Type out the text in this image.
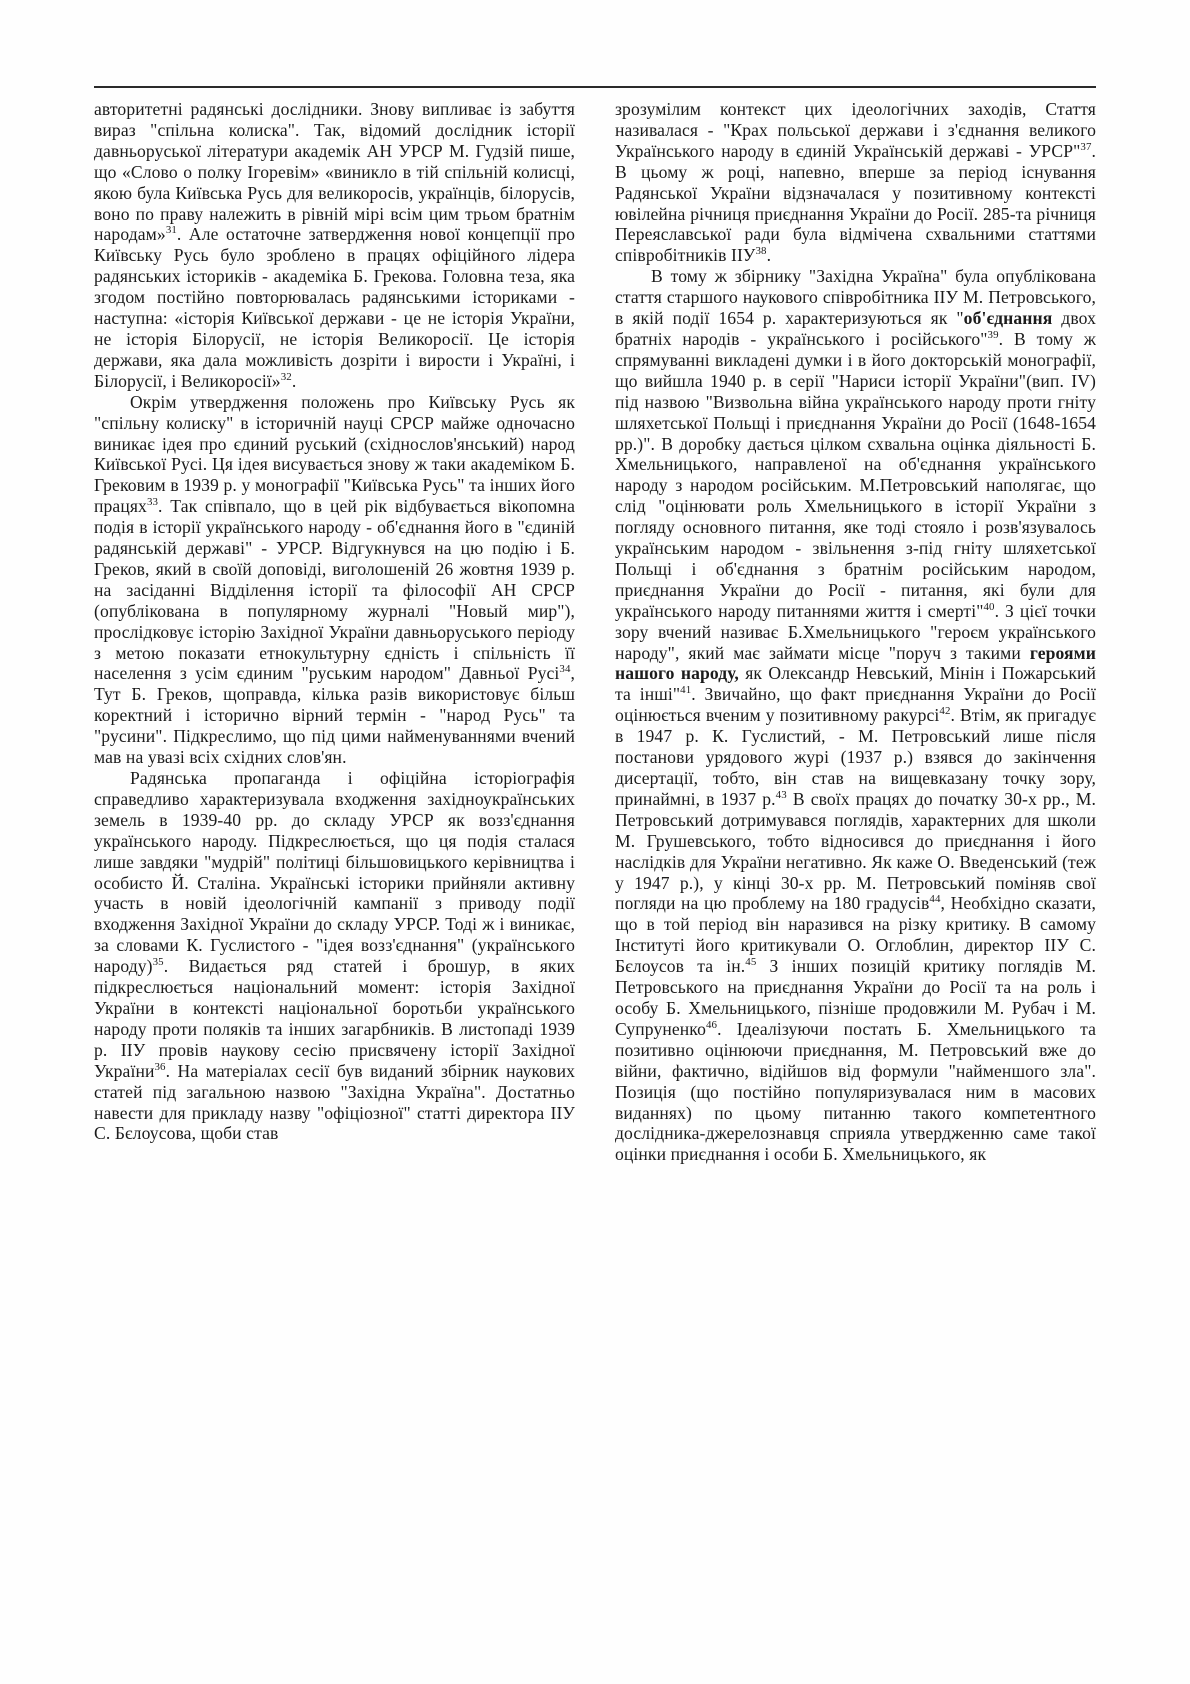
авторитетні радянські дослідники. Знову випливає із забуття вираз "спільна колиска". Так, відомий дослідник історії давньоруської літератури академік АН УРСР М. Гудзій пише, що «Слово о полку Ігоревім» «виникло в тій спільній колисці, якою була Київська Русь для великоросів, українців, білорусів, воно по праву належить в рівній мірі всім цим трьом братнім народам»$^{31}$. Але остаточне затвердження нової концепції про Київську Русь було зроблено в працях офіційного лідера радянських істориків - академіка Б. Грекова. Головна теза, яка згодом постійно повторювалась радянськими істориками - наступна: «історія Київської держави - це не історія України, не історія Білорусії, не історія Великоросії. Це історія держави, яка дала можливість дозріти і вирости і Україні, і Білорусії, і Великоросії»$^{32}$.

Окрім утвердження положень про Київську Русь як "спільну колиску" в історичній науці СРСР майже одночасно виникає ідея про єдиний руський (східнослов'янський) народ Київської Русі. Ця ідея висувається знову ж таки академіком Б. Грековим в 1939 р. у монографії "Київська Русь" та інших його працях$^{33}$. Так співпало, що в цей рік відбувається вікопомна подія в історії українського народу - об'єднання його в "єдиній радянській державі" - УРСР. Відгукнувся на цю подію і Б. Греков, який в своїй доповіді, виголошеній 26 жовтня 1939 р. на засіданні Відділення історії та філософії АН СРСР (опублікована в популярному журналі "Новый мир"), прослідковує історію Західної України давньоруського періоду з метою показати етнокультурну єдність і спільність її населення з усім єдиним "руським народом" Давньої Русі$^{34}$, Тут Б. Греков, щоправда, кілька разів використовує більш коректний і історично вірний термін - "народ Русь" та "русини". Підкреслимо, що під цими найменуваннями вчений мав на увазі всіх східних слов'ян.

Радянська пропаганда і офіційна історіографія справедливо характеризувала входження західноукраїнських земель в 1939-40 рр. до складу УРСР як возз'єднання українського народу. Підкреслюється, що ця подія сталася лише завдяки "мудрій" політиці більшовицького керівництва і особисто Й. Сталіна. Українські історики прийняли активну участь в новій ідеологічній кампанії з приводу події входження Західної України до складу УРСР. Тоді ж і виникає, за словами К. Гуслистого - "ідея возз'єднання" (українського народу)$^{35}$. Видається ряд статей і брошур, в яких підкреслюється національний момент: історія Західної України в контексті національної боротьби українського народу проти поляків та інших загарбників. В листопаді 1939 р. ІІУ провів наукову сесію присвячену історії Західної України$^{36}$. На матеріалах сесії був виданий збірник наукових статей під загальною назвою "Західна Україна". Достатньо навести для прикладу назву "офіціозної" статті директора ІІУ С. Бєлоусова, щоби став

зрозумілим контекст цих ідеологічних заходів, Стаття називалася - "Крах польської держави і з'єднання великого Українського народу в єдиній Українській державі - УРСР"$^{37}$. В цьому ж році, напевно, вперше за період існування Радянської України відзначалася у позитивному контексті ювілейна річниця приєднання України до Росії. 285-та річниця Переяславської ради була відмічена схвальними статтями співробітників ІІУ$^{38}$.

В тому ж збірнику "Західна Україна" була опублікована стаття старшого наукового співробітника ІІУ М. Петровського, в якій події 1654 р. характеризуються як "об'єднання двох братніх народів - українського і російського"$^{39}$. В тому ж спрямуванні викладені думки і в його докторській монографії, що вийшла 1940 р. в серії "Нариси історії України"(вип. IV) під назвою "Визвольна війна українського народу проти гніту шляхетської Польщі і приєднання України до Росії (1648-1654 рр.)". В доробку дається цілком схвальна оцінка діяльності Б. Хмельницького, направленої на об'єднання українського народу з народом російським. М.Петровський наполягає, що слід "оцінювати роль Хмельницького в історії України з погляду основного питання, яке тоді стояло і розв'язувалось українським народом - звільнення з-під гніту шляхетської Польщі і об'єднання з братнім російським народом, приєднання України до Росії - питання, які були для українського народу питаннями життя і смерті"$^{40}$. З цієї точки зору вчений називає Б.Хмельницького "героєм українського народу", який має займати місце "поруч з такими героями нашого народу, як Олександр Невський, Мінін і Пожарський та інші"$^{41}$. Звичайно, що факт приєднання України до Росії оцінюється вченим у позитивному ракурсі$^{42}$. Втім, як пригадує в 1947 р. К. Гуслистий, - М. Петровський лише після постанови урядового журі (1937 р.) взявся до закінчення дисертації, тобто, він став на вищевказану точку зору, принаймні, в 1937 р.$^{43}$ В своїх працях до початку 30-х рр., М. Петровський дотримувався поглядів, характерних для школи М. Грушевського, тобто відносився до приєднання і його наслідків для України негативно. Як каже О. Введенський (теж у 1947 р.), у кінці 30-х рр. М. Петровський поміняв свої погляди на цю проблему на 180 градусів$^{44}$, Необхідно сказати, що в той період він наразився на різку критику. В самому Інституті його критикували О. Оглоблин, директор ІІУ С. Бєлоусов та ін.$^{45}$ З інших позицій критику поглядів М. Петровського на приєднання України до Росії та на роль і особу Б. Хмельницького, пізніше продовжили М. Рубач і М. Супруненко$^{46}$. Ідеалізуючи постать Б. Хмельницького та позитивно оцінюючи приєднання, М. Петровський вже до війни, фактично, відійшов від формули "найменшого зла". Позиція (що постійно популяризувалася ним в масових виданнях) по цьому питанню такого компетентного дослідника-джерелознавця сприяла утвердженню саме такої оцінки приєднання і особи Б. Хмельницького, як
